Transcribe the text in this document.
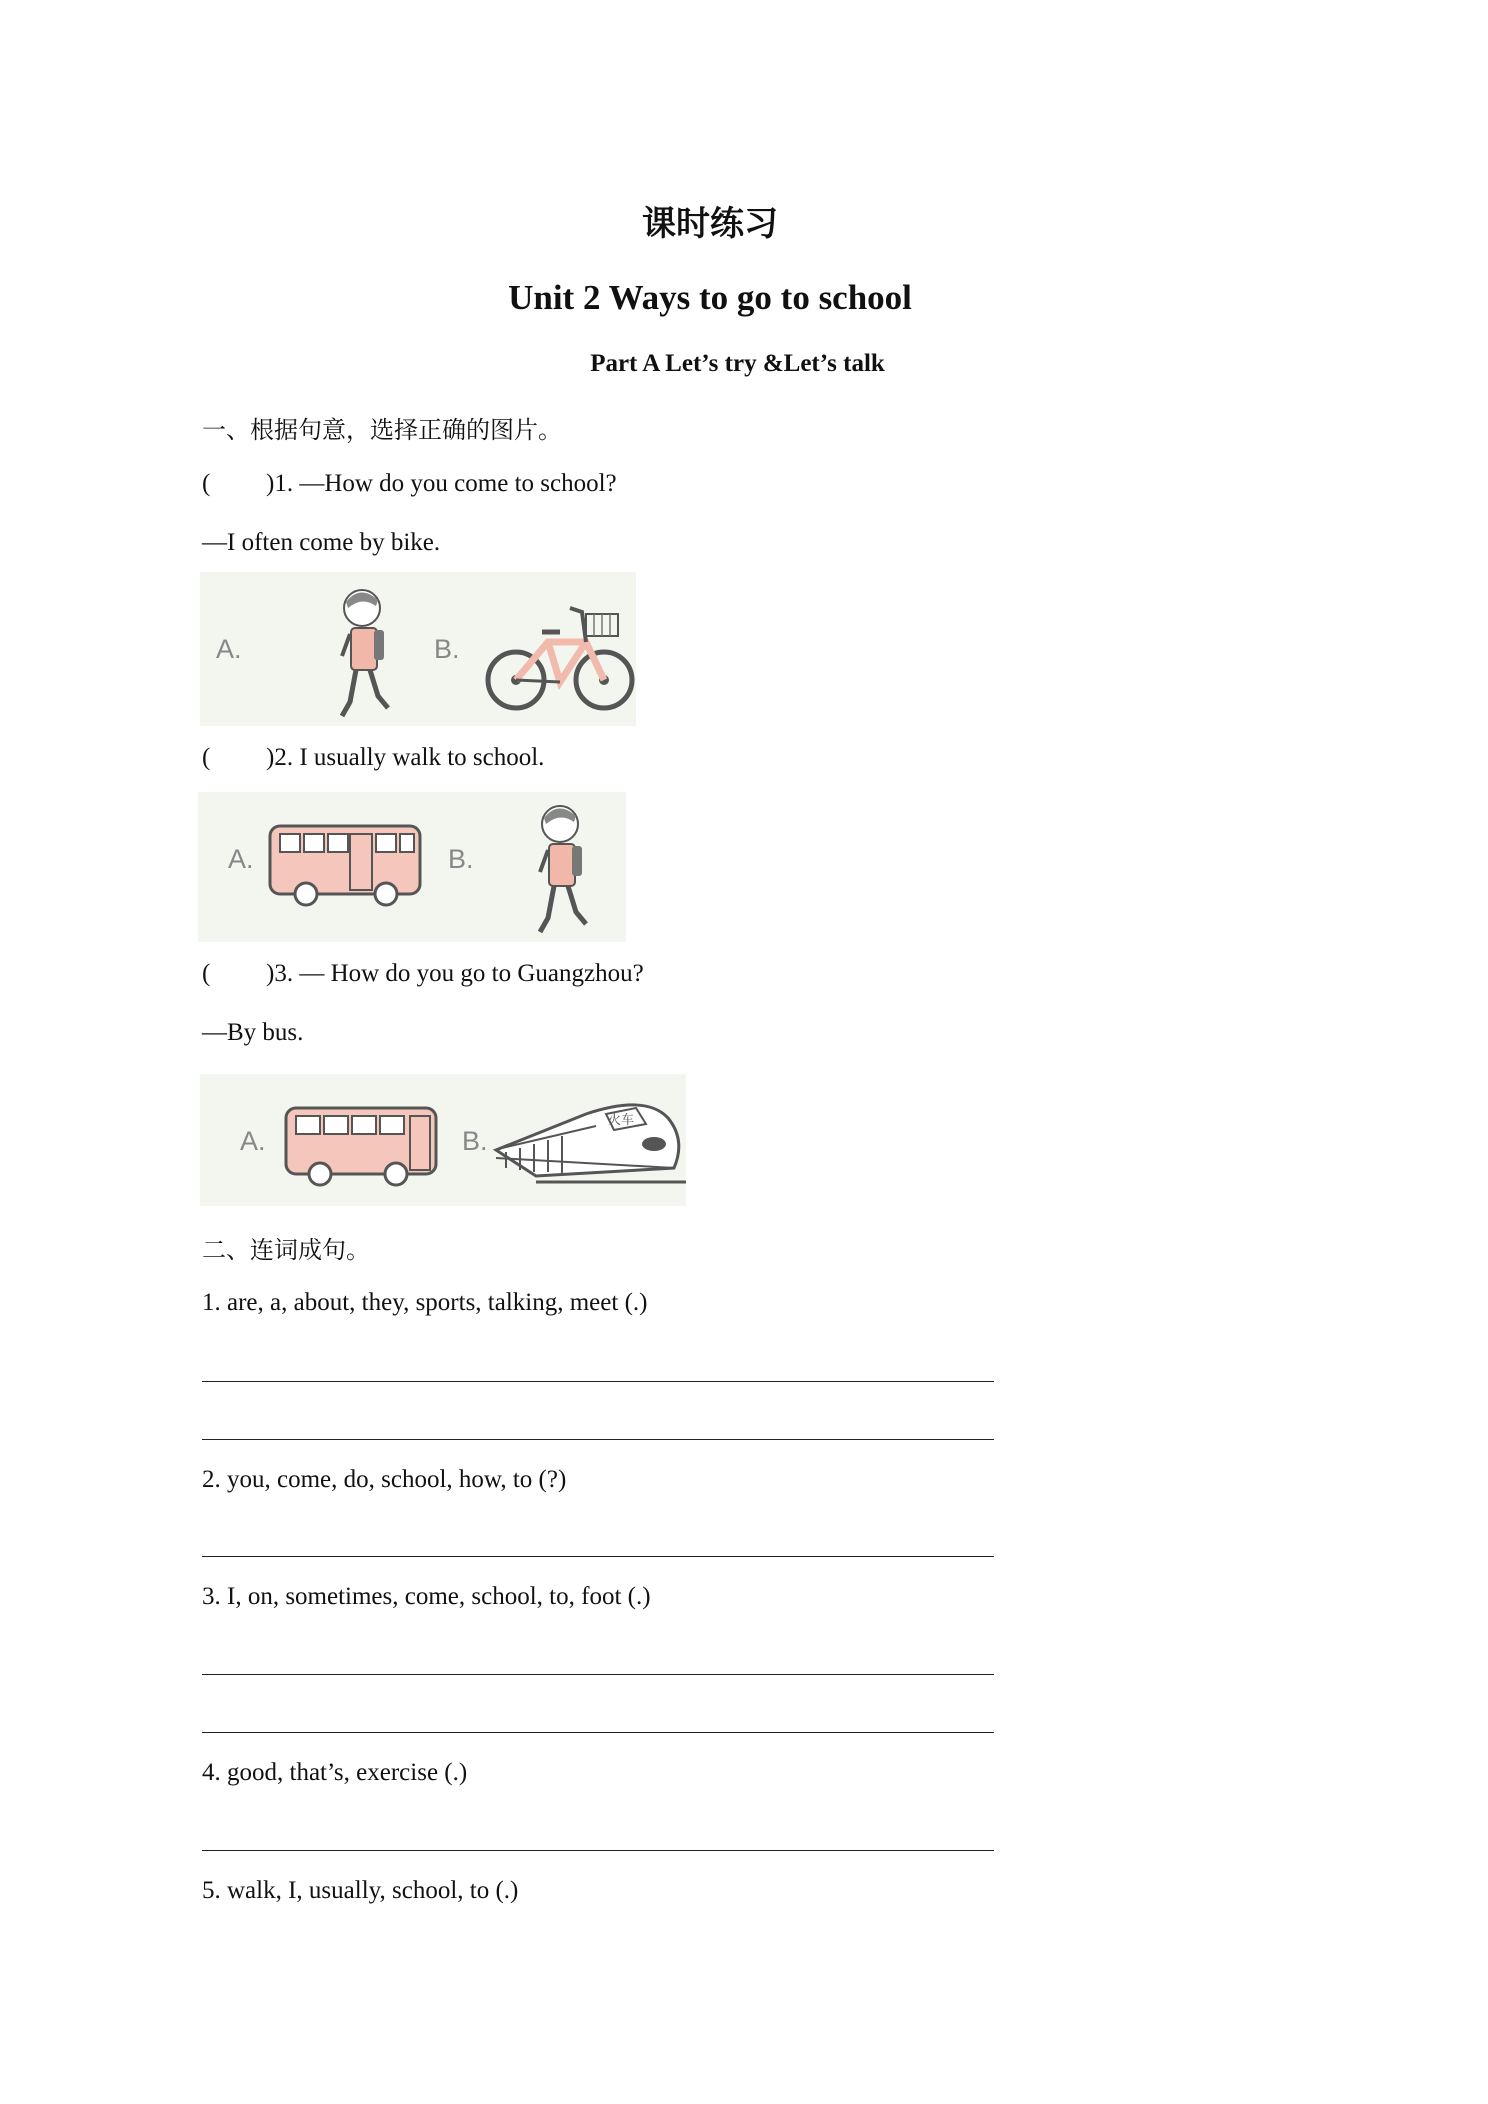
课时练习
Unit 2 Ways to go to school
Part A Let’s try &Let’s talk
一、根据句意，选择正确的图片。
( )1. —How do you come to school?
—I often come by bike.
A.	B.
( )2. I usually walk to school.
A.	B.
( )3. — How do you go to Guangzhou?
—By bus.
A.	B.
火车
二、连词成句。
1. are, a, about, they, sports, talking, meet (.)
2. you, come, do, school, how, to (?)
3. I, on, sometimes, come, school, to, foot (.)
4. good, that’s, exercise (.)
5. walk, I, usually, school, to (.)
